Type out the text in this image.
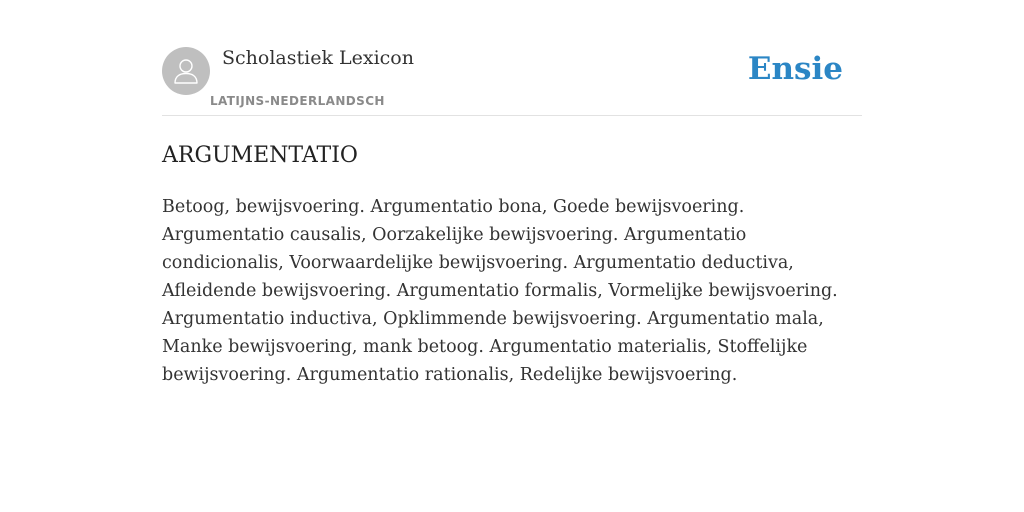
Scholastiek Lexicon
LATIJNS-NEDERLANDSCH
Ensie
ARGUMENTATIO

Betoog, bewijsvoering. Argumentatio bona, Goede bewijsvoering. Argumentatio causalis, Oorzakelijke bewijsvoering. Argumentatio condicionalis, Voorwaardelijke bewijsvoering. Argumentatio deductiva, Afleidende bewijsvoering. Argumentatio formalis, Vormelijke bewijsvoering. Argumentatio inductiva, Opklimmende bewijsvoering. Argumentatio mala, Manke bewijsvoering, mank betoog. Argumentatio materialis, Stoffelijke bewijsvoering. Argumentatio rationalis, Redelijke bewijsvoering.
